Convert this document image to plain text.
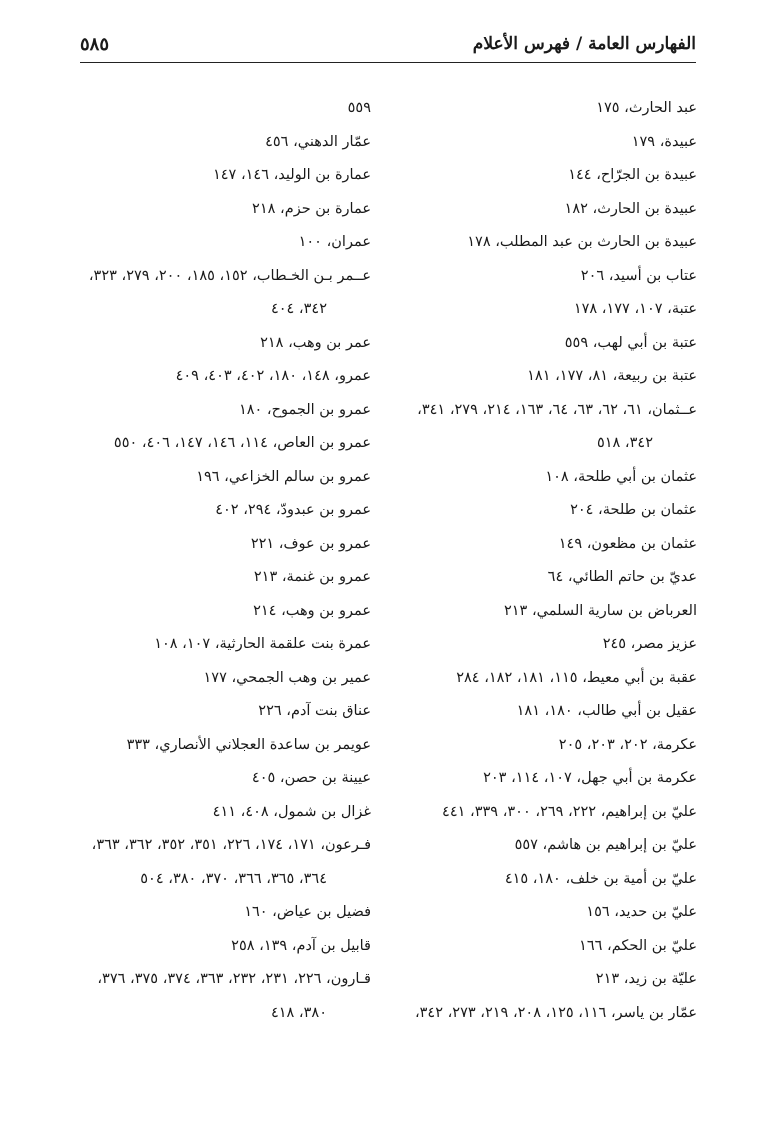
الفهارس العامة / فهرس الأعلام
٥٨٥
عبد الحارث، ١٧٥
عبيدة، ١٧٩
عبيدة بن الجرّاح، ١٤٤
عبيدة بن الحارث، ١٨٢
عبيدة بن الحارث بن عبد المطلب، ١٧٨
عتاب بن أسيد، ٢٠٦
عتبة، ١٠٧، ١٧٧، ١٧٨
عتبة بن أبي لهب، ٥٥٩
عتبة بن ربيعة، ٨١، ١٧٧، ١٨١
عــثمان، ٦١، ٦٢، ٦٣، ٦٤، ١٦٣، ٢١٤، ٢٧٩، ٣٤١،
٣٤٢، ٥١٨
عثمان بن أبي طلحة، ١٠٨
عثمان بن طلحة، ٢٠٤
عثمان بن مظعون، ١٤٩
عديّ بن حاتم الطائي، ٦٤
العرباض بن سارية السلمي، ٢١٣
عزيز مصر، ٢٤٥
عقبة بن أبي معيط، ١١٥، ١٨١، ١٨٢، ٢٨٤
عقيل بن أبي طالب، ١٨٠، ١٨١
عكرمة، ٢٠٢، ٢٠٣، ٢٠٥
عكرمة بن أبي جهل، ١٠٧، ١١٤، ٢٠٣
عليّ بن إبراهيم، ٢٢٢، ٢٦٩، ٣٠٠، ٣٣٩، ٤٤١
عليّ بن إبراهيم بن هاشم، ٥٥٧
عليّ بن أمية بن خلف، ١٨٠، ٤١٥
عليّ بن حديد، ١٥٦
عليّ بن الحكم، ١٦٦
عليّة بن زيد، ٢١٣
عمّار بن ياسر، ١١٦، ١٢٥، ٢٠٨، ٢١٩، ٢٧٣، ٣٤٢،
٥٥٩
عمّار الدهني، ٤٥٦
عمارة بن الوليد، ١٤٦، ١٤٧
عمارة بن حزم، ٢١٨
عمران، ١٠٠
عــمر بـن الخـطاب، ١٥٢، ١٨٥، ٢٠٠، ٢٧٩، ٣٢٣،
٣٤٢، ٤٠٤
عمر بن وهب، ٢١٨
عمرو، ١٤٨، ١٨٠، ٤٠٢، ٤٠٣، ٤٠٩
عمرو بن الجموح، ١٨٠
عمرو بن العاص، ١١٤، ١٤٦، ١٤٧، ٤٠٦، ٥٥٠
عمرو بن سالم الخزاعي، ١٩٦
عمرو بن عبدودّ، ٢٩٤، ٤٠٢
عمرو بن عوف، ٢٢١
عمرو بن غنمة، ٢١٣
عمرو بن وهب، ٢١٤
عمرة بنت علقمة الحارثية، ١٠٧، ١٠٨
عمير بن وهب الجمحي، ١٧٧
عناق بنت آدم، ٢٢٦
عويمر بن ساعدة العجلاني الأنصاري، ٣٣٣
عيينة بن حصن، ٤٠٥
غزال بن شمول، ٤٠٨، ٤١١
فـرعون، ١٧١، ١٧٤، ٢٢٦، ٣٥١، ٣٥٢، ٣٦٢، ٣٦٣،
٣٦٤، ٣٦٥، ٣٦٦، ٣٧٠، ٣٨٠، ٥٠٤
فضيل بن عياض، ١٦٠
قابيل بن آدم، ١٣٩، ٢٥٨
قـارون، ٢٢٦، ٢٣١، ٢٣٢، ٣٦٣، ٣٧٤، ٣٧٥، ٣٧٦،
٣٨٠، ٤١٨
